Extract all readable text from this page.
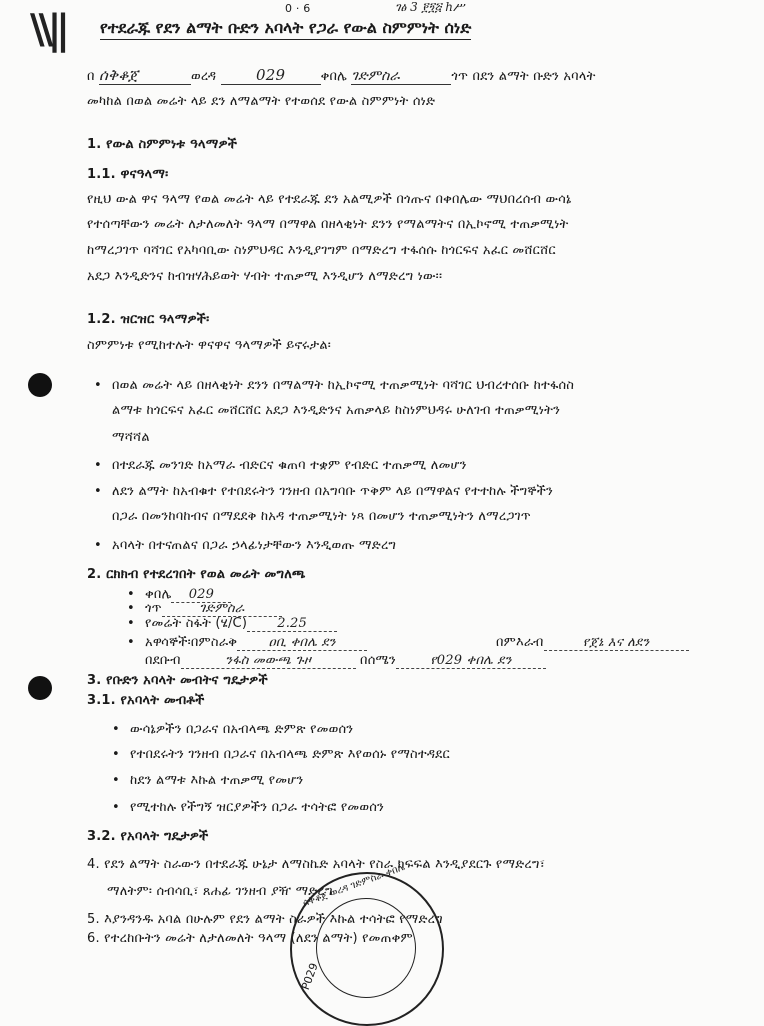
\\||	0 · 6	ገፅ 3 ፻፺፭ hሥ
የተደራጁ የደን ልማት ቡድን አባላት የጋራ የውል ስምምነት ሰነድ
በ ሰቅቆጀ	ወረዳ	029	ቀበሌ ገድምስራ	ጎጥ በደን ልማት ቡድን አባላት
መካከል በወል መሬት ላይ ደን ለማልማት የተወሰደ የውል ስምምነት ሰነድ
1. የውል ስምምነቱ ዓላማዎች
1.1. ዋናዓላማ፡
የዚህ ውል ዋና ዓላማ የወል መሬት ላይ የተደራጁ ደን አልሚዎች በጎጡና በቀበሌው ማህበረሰብ ውሳኔ
የተሰጣቸውን መሬት ለታለመለት ዓላማ በማዋል በዘላቂነት ደንን የማልማትና በኢኮኖሚ ተጠቃሚነት
ከማረጋገጥ ባሻገር የአካባቢው ስነምህዳር እንዲያገግም በማድረግ ተፋሰሱ ከጎርፍና አፈር መሸርሸር
አደጋ እንዲድንና ከብዝሃሕይወት ሃብት ተጠቃሚ እንዲሆን ለማድረግ ነው፡፡
1.2. ዝርዝር ዓላማዎች፡
ስምምነቱ የሚከተሉት ዋናዋና ዓላማዎች ይኖሩታል፡
• በወል መሬት ላይ በዘላቂነት ደንን በማልማት ከኢኮኖሚ ተጠቃሚነት ባሻገር ህብረተሰቡ ከተፋሰስ
ልማቱ ከጎርፍና አፈር መሸርሸር አደጋ እንዲድንና አጠቃላይ ከስነምህዳሩ ሁለገብ ተጠቃሚነትን
ማሻሻል
• በተደራጁ መንገድ ከአማራ ብድርና ቁጠባ ተቋም የብድር ተጠቃሚ ለመሆን
• ለደን ልማት ከአብቁተ የተበደሩትን ገንዘብ በአግባቡ ጥቅም ላይ በማዋልና የተተከሉ ችግኞችን
በጋራ በመንከባከብና በማደደቅ ከአዳ ተጠቃሚነት ነጻ በመሆን ተጠቃሚነትን ለማረጋገጥ
• አባላት በተናጠልና በጋራ ኃላፊነታቸውን እንዲወጡ ማድረግ
2. ርክክብ የተደረገበት የወል መሬት መግለጫ
• ቀበሌ 029
• ጎጥ	ገድምስራ
• የመሬት ስፋት (ሄ/C) 2.25
• አዋሳኞች፡በምስራቅ ዐቢ ቀበሌ ደን	በምእራብ	የጀኔ እና ለደን
በደቡብ	ንፋስ መውጫ ጉዞ	በሰሜን	የ029 ቀበሌ ደን
3. የቡድን አባላት መብትና ግዴታዎች
3.1. የአባላት መብቶች
• ውሳኔዎችን በጋራና በአብላጫ ድምጽ የመወሰን
• የተበደሩትን ገንዘብ በጋራና በአብላጫ ድምጽ እየወሰኑ የማስተዳደር
• ከደን ልማቱ እኩል ተጠቃሚ የመሆን
• የሚተከሉ የችግኝ ዝርያዎችን በጋራ ተሳትፎ የመወሰን
3.2. የአባላት ግዴታዎች
4. የደን ልማት ስራውን በተደራጁ ሁኔታ ለማስኬድ አባላት የስራ ክፍፍል እንዲያደርጉ የማድረግ፣
ማለትም፡ ሰብሳቢ፣ ጸሐፊ ገንዘብ ያዥ ማድረግ
5. እያንዳንዱ አባል በሁሉም የደን ልማት ስራዎች እኩል ተሳትፎ የማድረግ
6. የተረከቡትን መሬት ለታለመለት ዓላማ (ለደን ልማት) የመጠቀም
ሰቅቆጀ ወረዳ ገድምስራ ቀበሌ
P029
